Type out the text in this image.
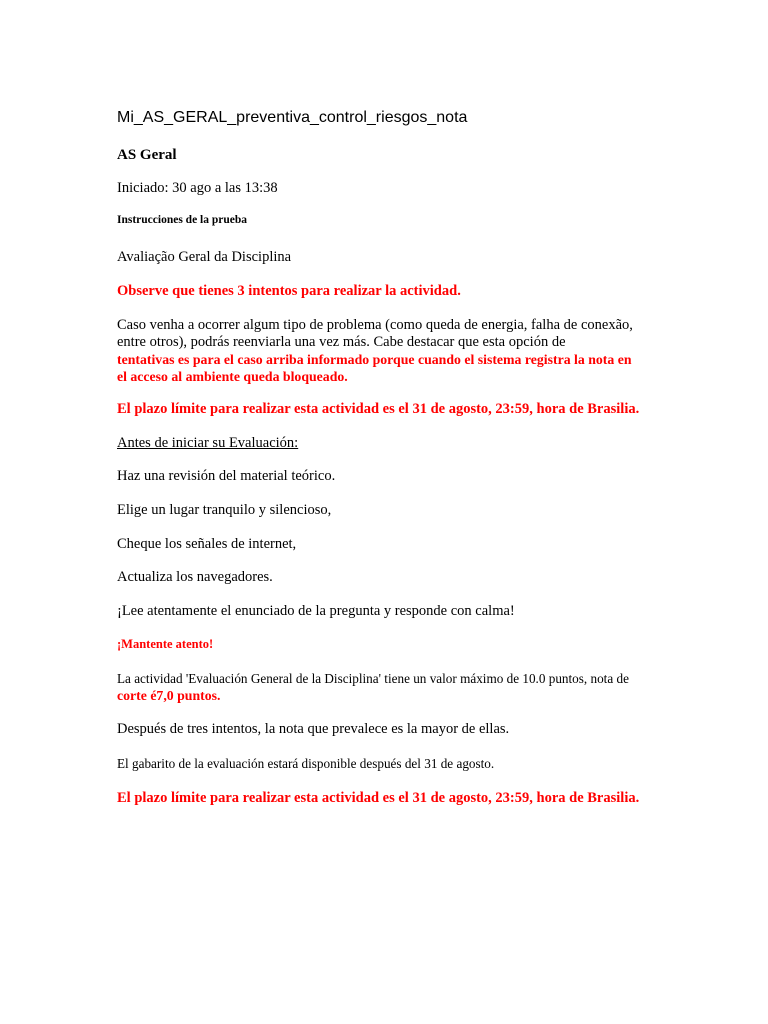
Mi_AS_GERAL_preventiva_control_riesgos_nota

AS Geral

Iniciado: 30 ago a las 13:38

Instrucciones de la prueba

Avaliação Geral da Disciplina

Observe que tienes 3 intentos para realizar la actividad.

Caso venha a ocorrer algum tipo de problema (como queda de energia, falha de conexão,
entre otros), podrás reenviarla una vez más. Cabe destacar que esta opción de
tentativas es para el caso arriba informado porque cuando el sistema registra la nota en
el acceso al ambiente queda bloqueado.

El plazo límite para realizar esta actividad es el 31 de agosto, 23:59, hora de Brasilia.

Antes de iniciar su Evaluación:

Haz una revisión del material teórico.

Elige un lugar tranquilo y silencioso,

Cheque los señales de internet,

Actualiza los navegadores.

¡Lee atentamente el enunciado de la pregunta y responde con calma!

¡Mantente atento!

La actividad 'Evaluación General de la Disciplina' tiene un valor máximo de 10.0 puntos, nota de
corte é7,0 puntos.

Después de tres intentos, la nota que prevalece es la mayor de ellas.

El gabarito de la evaluación estará disponible después del 31 de agosto.

El plazo límite para realizar esta actividad es el 31 de agosto, 23:59, hora de Brasilia.
